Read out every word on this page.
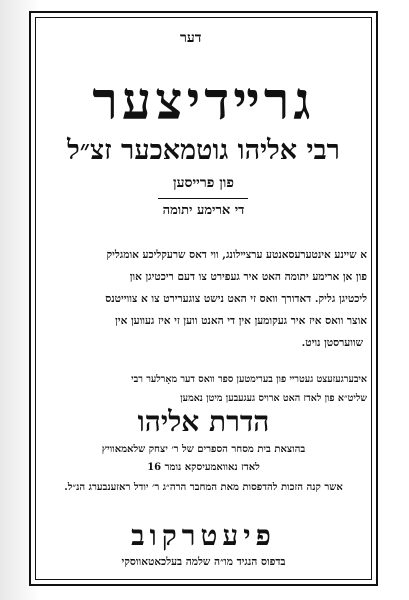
דער
גרײדיצער
רבי אליהו גוטמאכער זצ״ל
פון פרייסען
די ארימע יתומה
א שײנע אינטערעסאנטע ערצײלונג, ווי דאס שרעקליכע אומגליק
פון אן ארימע יתומה האט איר געפירט צו דעם ריכטיגן און
ליכטיגן גליק. דאדורך וואס זי האט נישט צוגערירט צו א צווייטנס
אוצר וואס איז איר געקומען אין די האנט ווען זי איז געווען אין
שווערסטן נויט.
איבערגעזעצט געטרײ פון בערימטען ספר וואס דער מאָרלער רבי
שליט״א פון לאדז האט ארויס געגעבען מיטן נאמען
הדרת אליהו
בהוצאת בית מסחר הספרים של ר׳ יצחק שלאמאוויץ
לאדז נאוואמעיסקא נומר 16
אשר קנה הזכות להדפסות מאת המחבר הרה״ג ר׳ יודל ראזענבערג הנ״ל.
פיעטרקוב
בדפוס הנגיד מו״ה שלמה בעלכאטאווסקי
